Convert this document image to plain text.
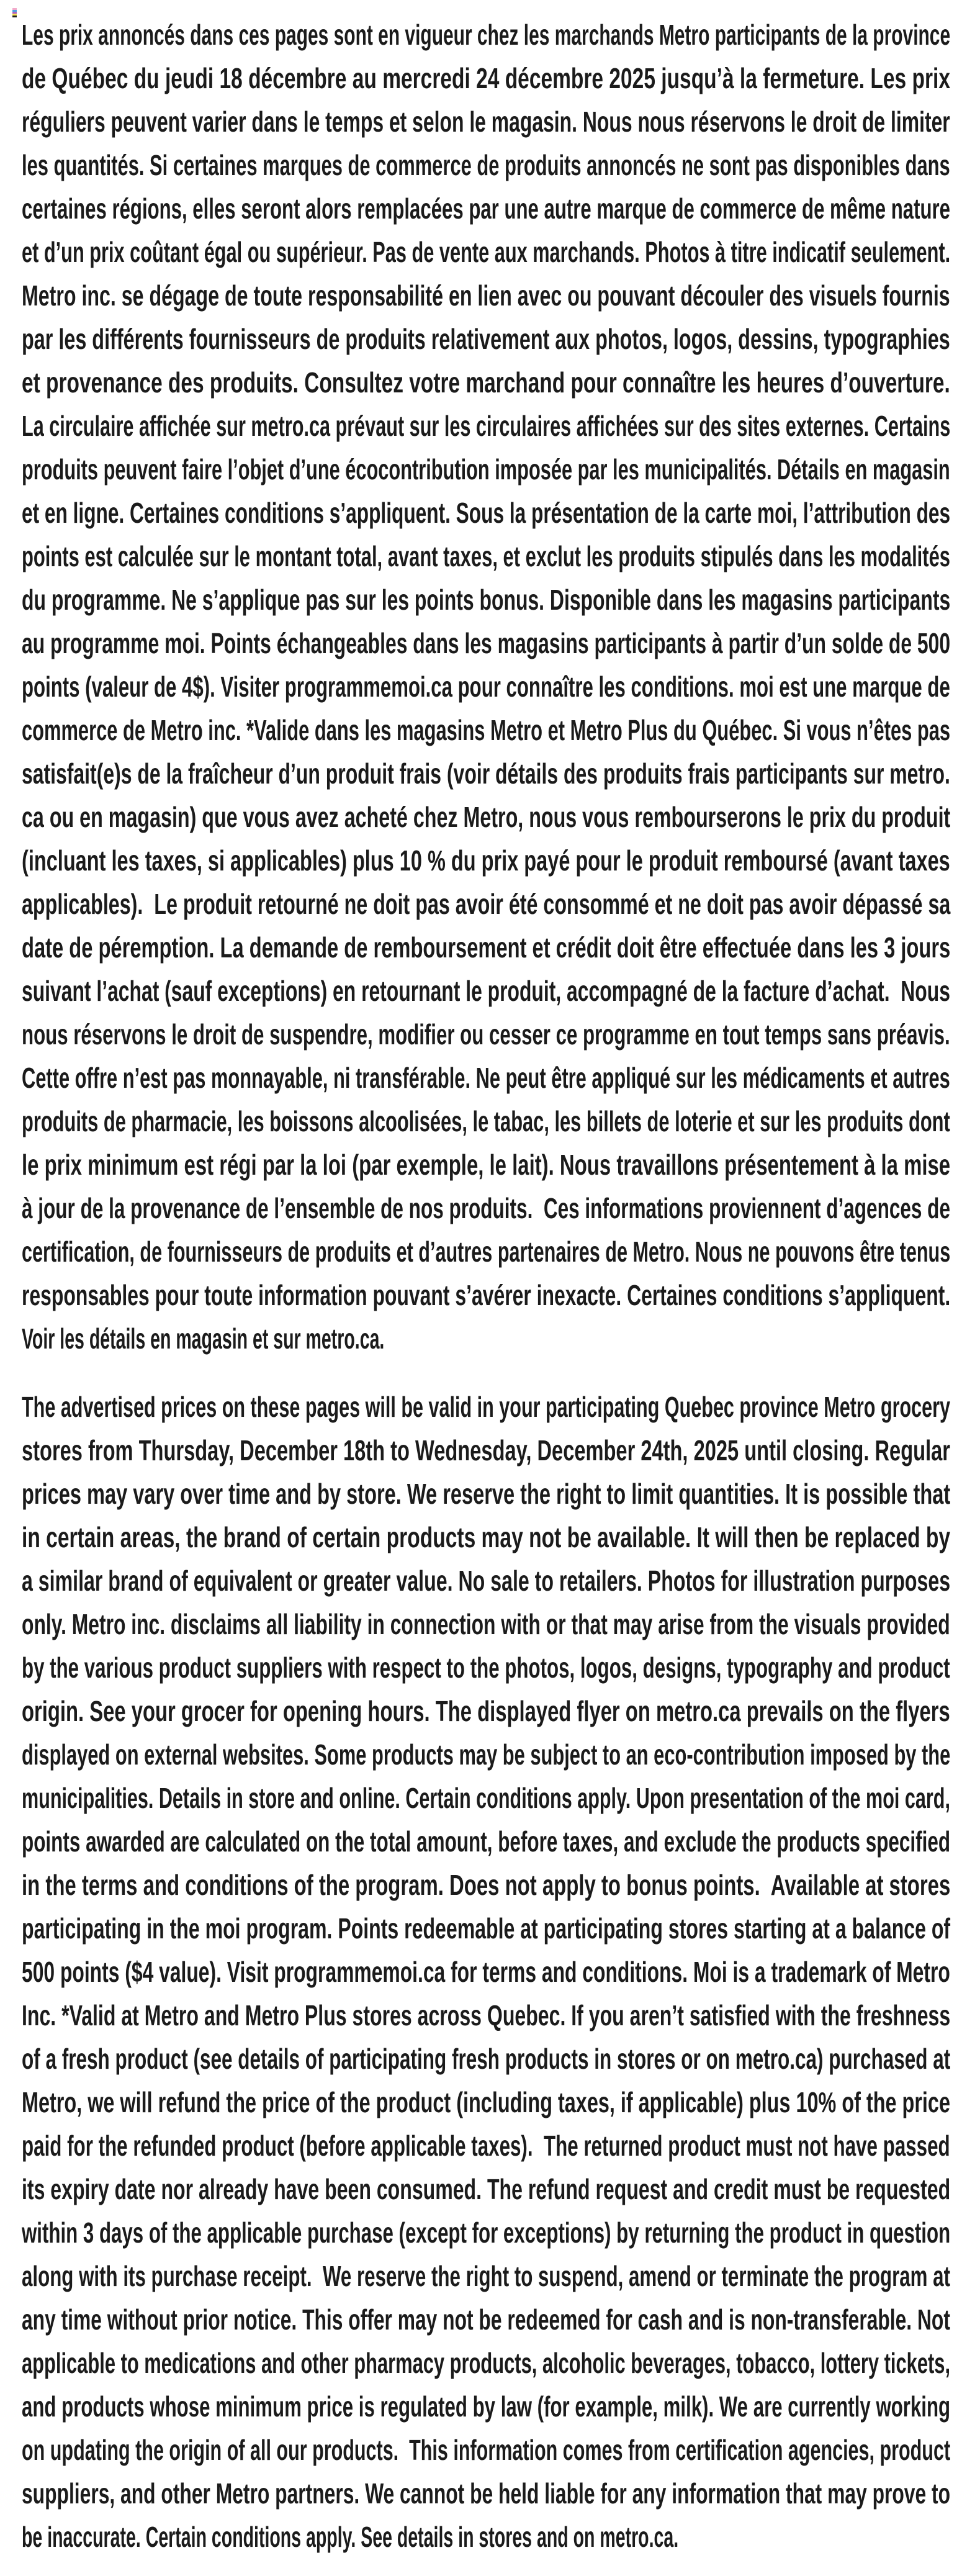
Les prix annoncés dans ces pages sont en vigueur chez les marchands Metro participants de la province
de Québec du jeudi 18 décembre au mercredi 24 décembre 2025 jusqu’à la fermeture. Les prix
réguliers peuvent varier dans le temps et selon le magasin. Nous nous réservons le droit de limiter
les quantités. Si certaines marques de commerce de produits annoncés ne sont pas disponibles dans
certaines régions, elles seront alors remplacées par une autre marque de commerce de même nature
et d’un prix coûtant égal ou supérieur. Pas de vente aux marchands. Photos à titre indicatif seulement.
Metro inc. se dégage de toute responsabilité en lien avec ou pouvant découler des visuels fournis
par les différents fournisseurs de produits relativement aux photos, logos, dessins, typographies
et provenance des produits. Consultez votre marchand pour connaître les heures d’ouverture.
La circulaire affichée sur metro.ca prévaut sur les circulaires affichées sur des sites externes. Certains
produits peuvent faire l’objet d’une écocontribution imposée par les municipalités. Détails en magasin
et en ligne. Certaines conditions s’appliquent. Sous la présentation de la carte moi, l’attribution des
points est calculée sur le montant total, avant taxes, et exclut les produits stipulés dans les modalités
du programme. Ne s’applique pas sur les points bonus. Disponible dans les magasins participants
au programme moi. Points échangeables dans les magasins participants à partir d’un solde de 500
points (valeur de 4$). Visiter programmemoi.ca pour connaître les conditions. moi est une marque de
commerce de Metro inc. *Valide dans les magasins Metro et Metro Plus du Québec. Si vous n’êtes pas
satisfait(e)s de la fraîcheur d’un produit frais (voir détails des produits frais participants sur metro.
ca ou en magasin) que vous avez acheté chez Metro, nous vous rembourserons le prix du produit
(incluant les taxes, si applicables) plus 10 % du prix payé pour le produit remboursé (avant taxes
applicables).  Le produit retourné ne doit pas avoir été consommé et ne doit pas avoir dépassé sa
date de péremption. La demande de remboursement et crédit doit être effectuée dans les 3 jours
suivant l’achat (sauf exceptions) en retournant le produit, accompagné de la facture d’achat.  Nous
nous réservons le droit de suspendre, modifier ou cesser ce programme en tout temps sans préavis.
Cette offre n’est pas monnayable, ni transférable. Ne peut être appliqué sur les médicaments et autres
produits de pharmacie, les boissons alcoolisées, le tabac, les billets de loterie et sur les produits dont
le prix minimum est régi par la loi (par exemple, le lait). Nous travaillons présentement à la mise
à jour de la provenance de l’ensemble de nos produits.  Ces informations proviennent d’agences de
certification, de fournisseurs de produits et d’autres partenaires de Metro. Nous ne pouvons être tenus
responsables pour toute information pouvant s’avérer inexacte. Certaines conditions s’appliquent.
Voir les détails en magasin et sur metro.ca.
The advertised prices on these pages will be valid in your participating Quebec province Metro grocery
stores from Thursday, December 18th to Wednesday, December 24th, 2025 until closing. Regular
prices may vary over time and by store. We reserve the right to limit quantities. It is possible that
in certain areas, the brand of certain products may not be available. It will then be replaced by
a similar brand of equivalent or greater value. No sale to retailers. Photos for illustration purposes
only. Metro inc. disclaims all liability in connection with or that may arise from the visuals provided
by the various product suppliers with respect to the photos, logos, designs, typography and product
origin. See your grocer for opening hours. The displayed flyer on metro.ca prevails on the flyers
displayed on external websites. Some products may be subject to an eco-contribution imposed by the
municipalities. Details in store and online. Certain conditions apply. Upon presentation of the moi card,
points awarded are calculated on the total amount, before taxes, and exclude the products specified
in the terms and conditions of the program. Does not apply to bonus points.  Available at stores
participating in the moi program. Points redeemable at participating stores starting at a balance of
500 points ($4 value). Visit programmemoi.ca for terms and conditions. Moi is a trademark of Metro
Inc. *Valid at Metro and Metro Plus stores across Quebec. If you aren’t satisfied with the freshness
of a fresh product (see details of participating fresh products in stores or on metro.ca) purchased at
Metro, we will refund the price of the product (including taxes, if applicable) plus 10% of the price
paid for the refunded product (before applicable taxes).  The returned product must not have passed
its expiry date nor already have been consumed. The refund request and credit must be requested
within 3 days of the applicable purchase (except for exceptions) by returning the product in question
along with its purchase receipt.  We reserve the right to suspend, amend or terminate the program at
any time without prior notice. This offer may not be redeemed for cash and is non-transferable. Not
applicable to medications and other pharmacy products, alcoholic beverages, tobacco, lottery tickets,
and products whose minimum price is regulated by law (for example, milk). We are currently working
on updating the origin of all our products.  This information comes from certification agencies, product
suppliers, and other Metro partners. We cannot be held liable for any information that may prove to
be inaccurate. Certain conditions apply. See details in stores and on metro.ca.
